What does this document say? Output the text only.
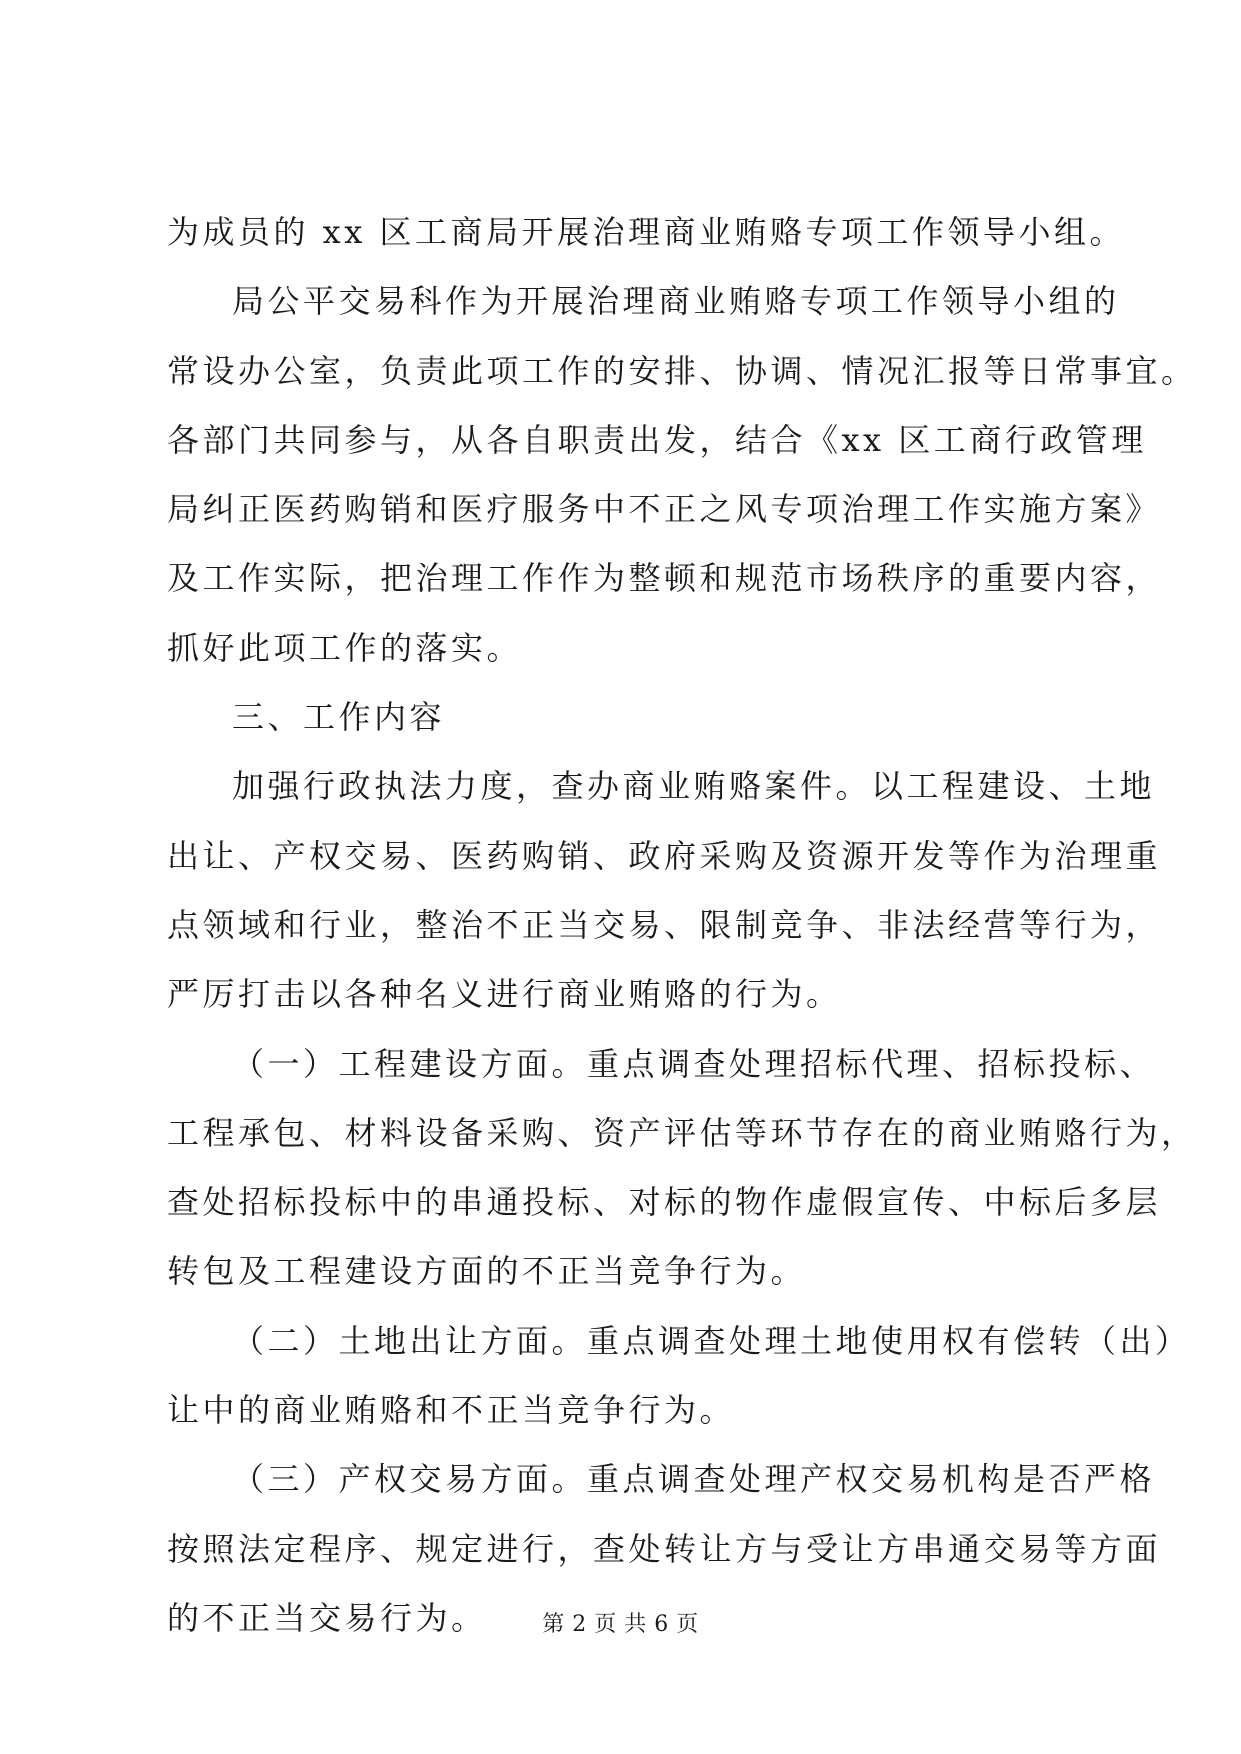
为成员的 xx 区工商局开展治理商业贿赂专项工作领导小组。
局公平交易科作为开展治理商业贿赂专项工作领导小组的
常设办公室，负责此项工作的安排、协调、情况汇报等日常事宜。
各部门共同参与，从各自职责出发，结合《xx 区工商行政管理
局纠正医药购销和医疗服务中不正之风专项治理工作实施方案》
及工作实际，把治理工作作为整顿和规范市场秩序的重要内容，
抓好此项工作的落实。
三、工作内容
加强行政执法力度，查办商业贿赂案件。以工程建设、土地
出让、产权交易、医药购销、政府采购及资源开发等作为治理重
点领域和行业，整治不正当交易、限制竞争、非法经营等行为，
严厉打击以各种名义进行商业贿赂的行为。
（一）工程建设方面。重点调查处理招标代理、招标投标、
工程承包、材料设备采购、资产评估等环节存在的商业贿赂行为，
查处招标投标中的串通投标、对标的物作虚假宣传、中标后多层
转包及工程建设方面的不正当竞争行为。
（二）土地出让方面。重点调查处理土地使用权有偿转（出）
让中的商业贿赂和不正当竞争行为。
（三）产权交易方面。重点调查处理产权交易机构是否严格
按照法定程序、规定进行，查处转让方与受让方串通交易等方面
的不正当交易行为。	第 2 页 共 6 页
